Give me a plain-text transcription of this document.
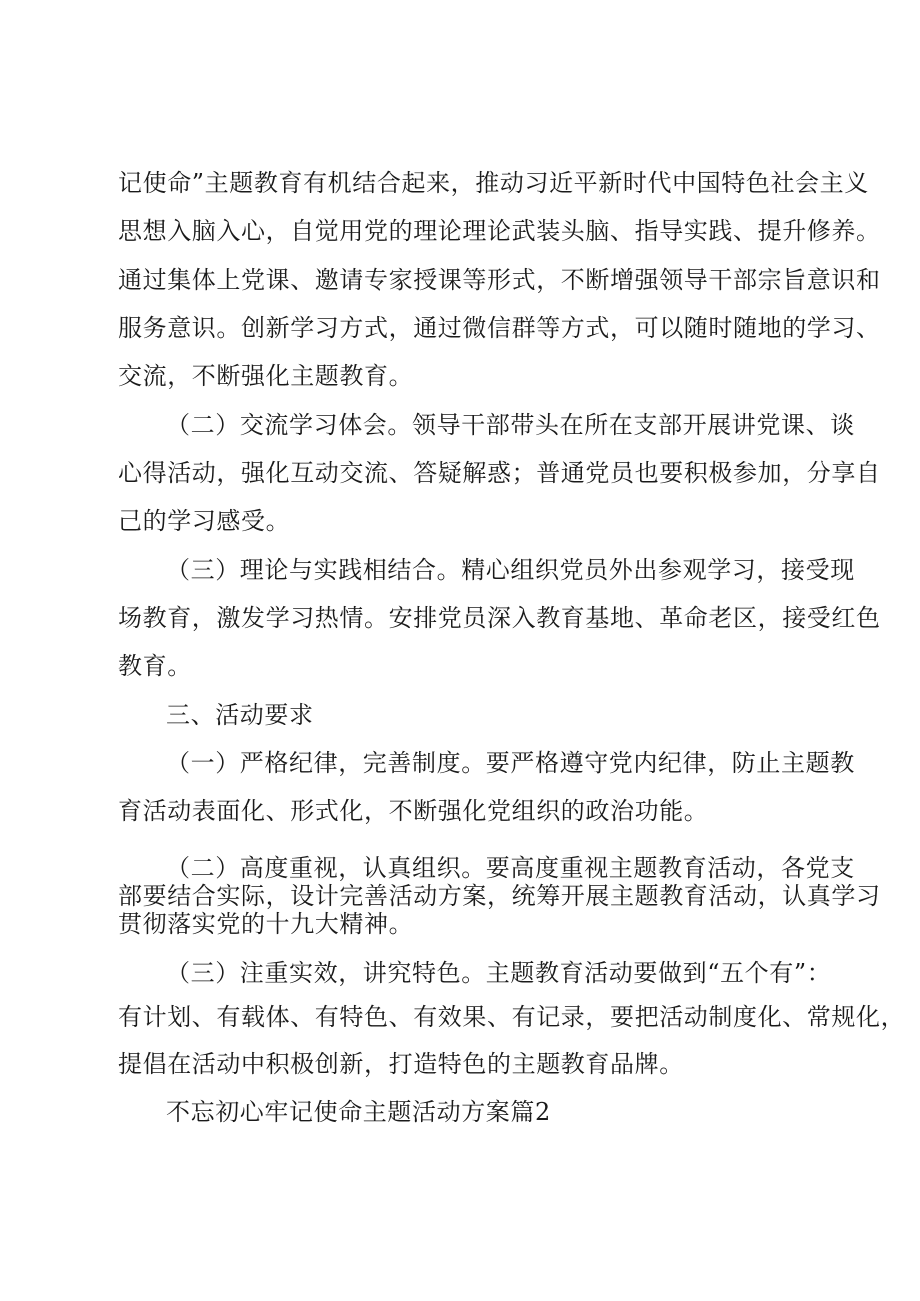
记使命”主题教育有机结合起来，推动习近平新时代中国特色社会主义
思想入脑入心，自觉用党的理论理论武装头脑、指导实践、提升修养。
通过集体上党课、邀请专家授课等形式，不断增强领导干部宗旨意识和
服务意识。创新学习方式，通过微信群等方式，可以随时随地的学习、
交流，不断强化主题教育。
（二）交流学习体会。领导干部带头在所在支部开展讲党课、谈
心得活动，强化互动交流、答疑解惑；普通党员也要积极参加，分享自
己的学习感受。
（三）理论与实践相结合。精心组织党员外出参观学习，接受现
场教育，激发学习热情。安排党员深入教育基地、革命老区，接受红色
教育。
三、活动要求
（一）严格纪律，完善制度。要严格遵守党内纪律，防止主题教
育活动表面化、形式化，不断强化党组织的政治功能。
（二）高度重视，认真组织。要高度重视主题教育活动，各党支
部要结合实际，设计完善活动方案，统筹开展主题教育活动，认真学习
贯彻落实党的十九大精神。
（三）注重实效，讲究特色。主题教育活动要做到“五个有”：
有计划、有载体、有特色、有效果、有记录，要把活动制度化、常规化，
提倡在活动中积极创新，打造特色的主题教育品牌。
不忘初心牢记使命主题活动方案篇2
